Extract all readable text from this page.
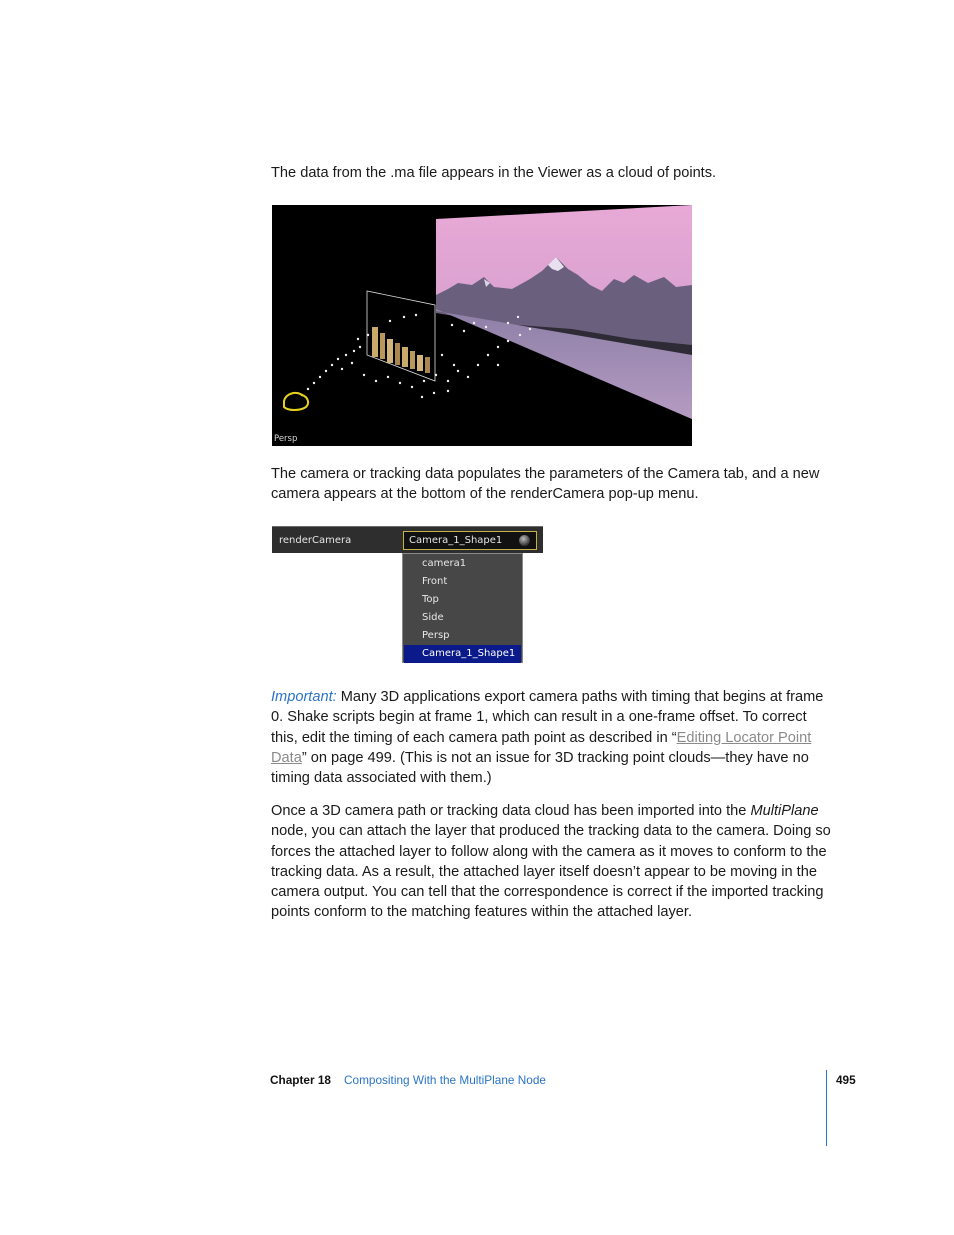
The data from the .ma file appears in the Viewer as a cloud of points.

Persp

The camera or tracking data populates the parameters of the Camera tab, and a new camera appears at the bottom of the renderCamera pop-up menu.

renderCamera	Camera_1_Shape1
camera1
Front
Top
Side
Persp
Camera_1_Shape1

Important: Many 3D applications export camera paths with timing that begins at frame 0. Shake scripts begin at frame 1, which can result in a one-frame offset. To correct this, edit the timing of each camera path point as described in “Editing Locator Point Data” on page 499. (This is not an issue for 3D tracking point clouds—they have no timing data associated with them.)

Once a 3D camera path or tracking data cloud has been imported into the MultiPlane node, you can attach the layer that produced the tracking data to the camera. Doing so forces the attached layer to follow along with the camera as it moves to conform to the tracking data. As a result, the attached layer itself doesn’t appear to be moving in the camera output. You can tell that the correspondence is correct if the imported tracking points conform to the matching features within the attached layer.

Chapter 18 Compositing With the MultiPlane Node	495
